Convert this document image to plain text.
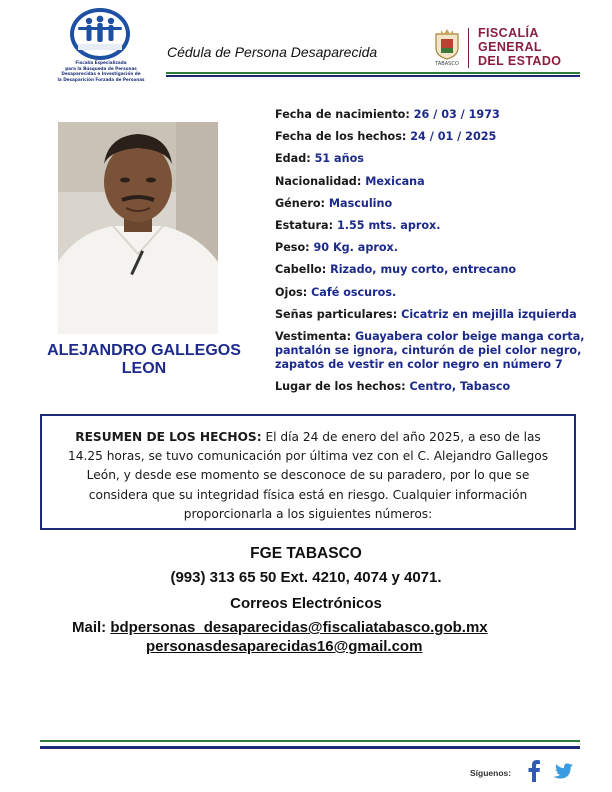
Fiscalía Especializada
para la Búsqueda de Personas
Desaparecidas e Investigación de
la Desaparición Forzada de Personas
Cédula de Persona Desaparecida
TABASCO
FISCALÍA
GENERAL
DEL ESTADO
ALEJANDRO GALLEGOS
LEON
Fecha de nacimiento: 26 / 03 / 1973
Fecha de los hechos: 24 / 01 / 2025
Edad: 51 años
Nacionalidad: Mexicana
Género: Masculino
Estatura: 1.55 mts. aprox.
Peso: 90 Kg. aprox.
Cabello: Rizado, muy corto, entrecano
Ojos: Café oscuros.
Señas particulares: Cicatriz en mejilla izquierda
Vestimenta: Guayabera color beige manga corta, pantalón se ignora, cinturón de piel color negro, zapatos de vestir en color negro en número 7
Lugar de los hechos: Centro, Tabasco
RESUMEN DE LOS HECHOS: El día 24 de enero del año 2025, a eso de las 14.25 horas, se tuvo comunicación por última vez con el C. Alejandro Gallegos León, y desde ese momento se desconoce de su paradero, por lo que se considera que su integridad física está en riesgo. Cualquier información proporcionarla a los siguientes números:
FGE TABASCO
(993) 313 65 50 Ext. 4210, 4074 y 4071.
Correos Electrónicos
Mail: bdpersonas_desaparecidas@fiscaliatabasco.gob.mx
personasdesaparecidas16@gmail.com
Síguenos:
